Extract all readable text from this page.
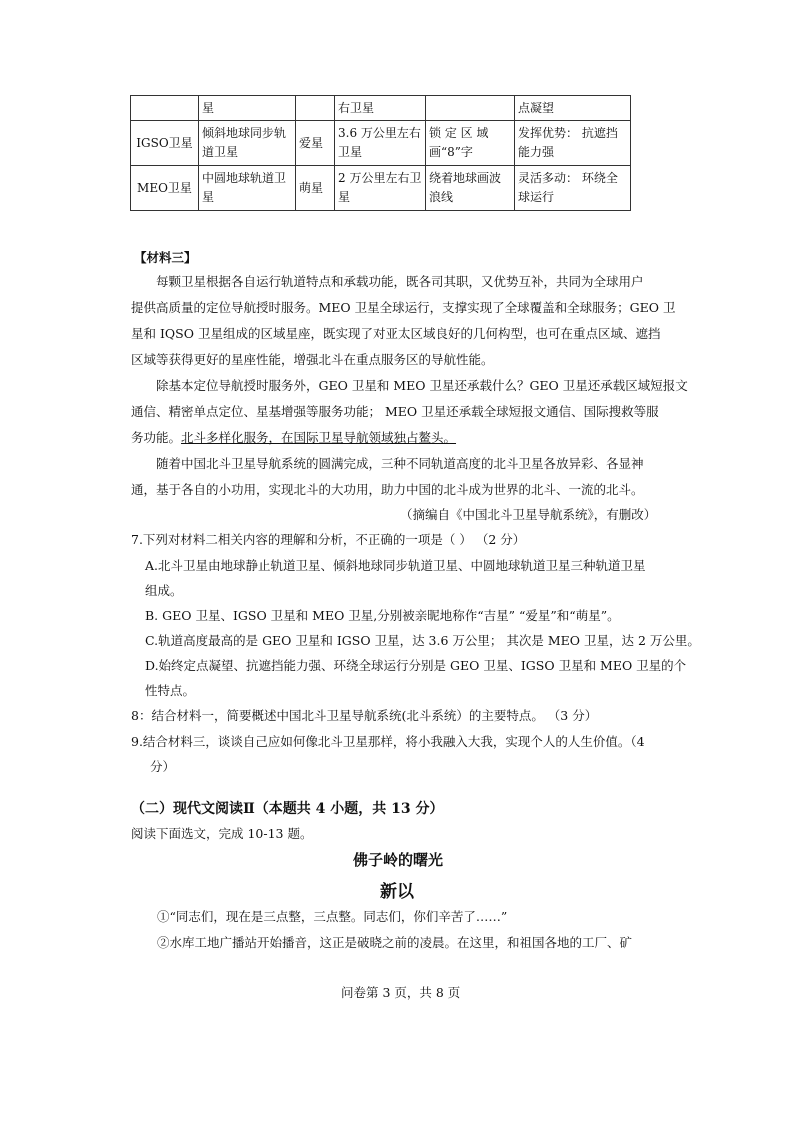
	星		右卫星		点凝望
IGSO卫星	倾斜地球同步轨道卫星	爱星	3.6 万公里左右卫星	锁 定 区 域画“8”字	发挥优势： 抗遮挡能力强
MEO卫星	中圆地球轨道卫星	萌星	2 万公里左右卫星	绕着地球画波浪线	灵活多动： 环绕全球运行
【材料三】
每颗卫星根据各自运行轨道特点和承载功能，既各司其职，又优势互补，共同为全球用户
提供高质量的定位导航授时服务。MEO 卫星全球运行，支撑实现了全球覆盖和全球服务；GEO 卫
星和 IQSO 卫星组成的区域星座，既实现了对亚太区域良好的几何构型，也可在重点区域、遮挡
区域等获得更好的星座性能，增强北斗在重点服务区的导航性能。
除基本定位导航授时服务外，GEO 卫星和 MEO 卫星还承载什么？GEO 卫星还承载区域短报文
通信、精密单点定位、星基增强等服务功能； MEO 卫星还承载全球短报文通信、国际搜救等服
务功能。北斗多样化服务，在国际卫星导航领域独占鳌头。
随着中国北斗卫星导航系统的圆满完成，三种不同轨道高度的北斗卫星各放异彩、各显神
通，基于各自的小功用，实现北斗的大功用，助力中国的北斗成为世界的北斗、一流的北斗。
（摘编自《中国北斗卫星导航系统》，有删改）
7.下列对材料二相关内容的理解和分析，不正确的一项是（ ） （2 分）
A.北斗卫星由地球静止轨道卫星、倾斜地球同步轨道卫星、中圆地球轨道卫星三种轨道卫星
组成。
B. GEO 卫星、IGSO 卫星和 MEO 卫星,分别被亲昵地称作“吉星” “爱星”和“萌星”。
C.轨道高度最高的是 GEO 卫星和 IGSO 卫星，达 3.6 万公里； 其次是 MEO 卫星，达 2 万公里。
D.始终定点凝望、抗遮挡能力强、环绕全球运行分别是 GEO 卫星、IGSO 卫星和 MEO 卫星的个
性特点。
8：结合材料一，简要概述中国北斗卫星导航系统(北斗系统）的主要特点。 （3 分）
9.结合材料三，谈谈自己应如何像北斗卫星那样，将小我融入大我，实现个人的人生价值。（4
分）
（二）现代文阅读Ⅱ（本题共 4 小题，共 13 分）
阅读下面选文，完成 10-13 题。
佛子岭的曙光
新以
①“同志们，现在是三点整，三点整。同志们，你们辛苦了……”
②水库工地广播站开始播音，这正是破晓之前的凌晨。在这里，和祖国各地的工厂、矿
问卷第 3 页，共 8 页
